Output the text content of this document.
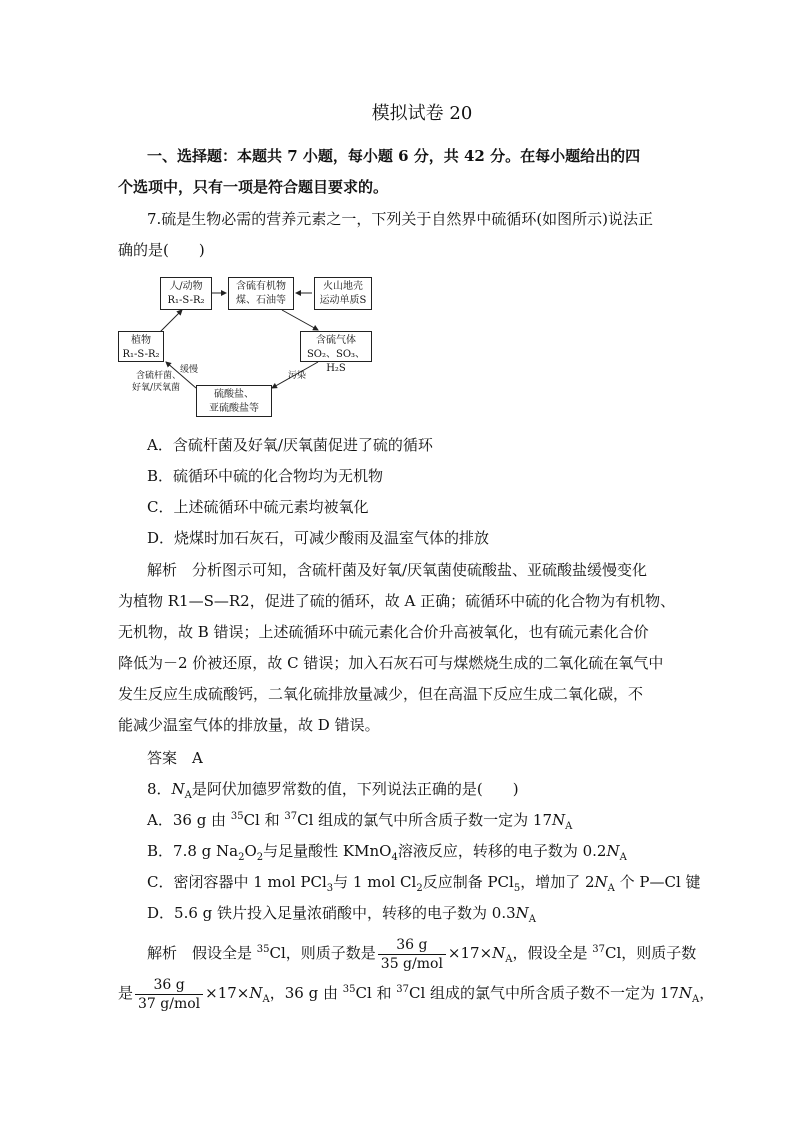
模拟试卷 20
一、选择题：本题共 7 小题，每小题 6 分，共 42 分。在每小题给出的四
个选项中，只有一项是符合题目要求的。
7.硫是生物必需的营养元素之一，下列关于自然界中硫循环(如图所示)说法正
确的是(　　)
人/动物
R₁-S-R₂
含硫有机物
煤、石油等
火山地壳
运动单质S
植物
R₁-S-R₂
含硫气体
SO₂、SO₃、H₂S
硫酸盐、
亚硫酸盐等
缓慢
含硫杆菌、
好氧/厌氧菌
污染
A．含硫杆菌及好氧/厌氧菌促进了硫的循环
B．硫循环中硫的化合物均为无机物
C．上述硫循环中硫元素均被氧化
D．烧煤时加石灰石，可减少酸雨及温室气体的排放
解析　分析图示可知，含硫杆菌及好氧/厌氧菌使硫酸盐、亚硫酸盐缓慢变化
为植物 R1—S—R2，促进了硫的循环，故 A 正确；硫循环中硫的化合物为有机物、
无机物，故 B 错误；上述硫循环中硫元素化合价升高被氧化，也有硫元素化合价
降低为－2 价被还原，故 C 错误；加入石灰石可与煤燃烧生成的二氧化硫在氧气中
发生反应生成硫酸钙，二氧化硫排放量减少，但在高温下反应生成二氧化碳，不
能减少温室气体的排放量，故 D 错误。
答案　A
8．$N_A$是阿伏加德罗常数的值，下列说法正确的是(　　)
A．36 g 由 $^{35}$Cl 和 $^{37}$Cl 组成的氯气中所含质子数一定为 $17N_A$
B．7.8 g $Na_2O_2$与足量酸性 KMnO$_4$溶液反应，转移的电子数为 $0.2N_A$
C．密闭容器中 1 mol PCl$_3$与 1 mol $Cl_2$反应制备 PCl$_5$，增加了 $2N_A$ 个 P—Cl 键
D．5.6 g 铁片投入足量浓硝酸中，转移的电子数为 $0.3N_A$
解析　假设全是 $^{35}$Cl，则质子数是 $\frac{36 g}{\text{35 g/mol}} \times 17\times N_A$，假设全是 $^{37}$Cl，则质子数
是 $\frac{36 g}{\text{37 g/mol}} \times 17\times N_A$，36 g 由 $^{35}$Cl 和 $^{37}$Cl 组成的氯气中所含质子数不一定为 $17N_A$，
